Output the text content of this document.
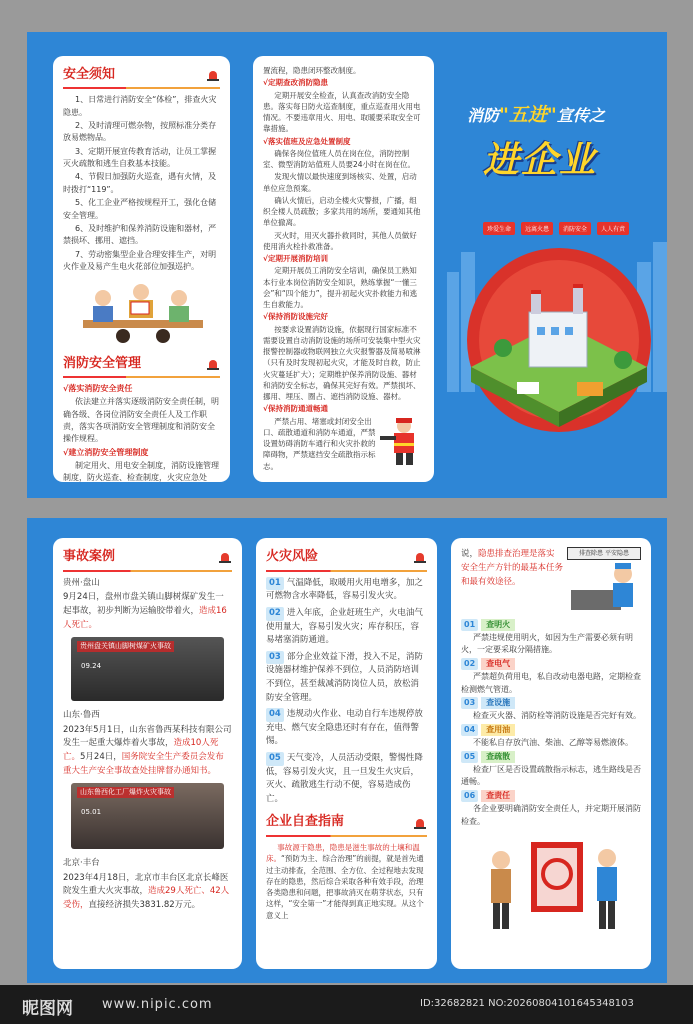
安全须知

1、日常进行消防安全“体检”，排查火灾隐患。

2、及时清理可燃杂物，按照标准分类存放易燃物品。

3、定期开展宣传教育活动，让员工掌握灭火疏散和逃生自救基本技能。

4、节假日加强防火巡查，遇有火情，及时拨打“119”。

5、化工企业严格按规程开工，强化仓储安全管理。

6、及时维护和保养消防设施和器材，严禁损坏、挪用、遮挡。

7、劳动密集型企业合理安排生产，对明火作业及易产生电火花部位加强巡护。

消防安全管理

√落实消防安全责任

依法建立并落实逐级消防安全责任制，明确各级、各岗位消防安全责任人及工作职责，落实各项消防安全管理制度和消防安全操作规程。

√建立消防安全管理制度

制定用火、用电安全制度，消防设施管理制度，防火巡查、检查制度，火灾应急处

置流程，隐患闭环整改制度。

√定期查改消防隐患

定期开展安全检查，认真查改消防安全隐患。落实每日防火巡查制度，重点巡查用火用电情况。不要违章用火、用电、取暖要采取安全可靠措施。

√落实值班及应急处置制度

确保各岗位值班人员在岗在位，消防控制室、微型消防站值班人员要24小时在岗在位。

发现火情以最快速度到场核实、处置，启动单位应急预案。

确认火情后，启动全楼火灾警报，广播，组织全楼人员疏散；多家共用的场所，要通知其他单位撤离。

灭火时，用灭火器扑救同时，其他人员做好使用消火栓扑救准备。

√定期开展消防培训

定期开展员工消防安全培训，确保员工熟知本行业本岗位消防安全知识，熟练掌握“一懂三会”和“四个能力”，提升初起火灾扑救能力和逃生自救能力。

√保持消防设施完好

按要求设置消防设施，依据现行国家标准不需要设置自动消防设施的场所可安装集中型火灾报警控制器或物联网独立火灾报警器及简易喷淋（只有及时发现初起火灾，才能及时自救，防止火灾蔓延扩大）；定期维护保养消防设施、器材和消防安全标志，确保其完好有效。严禁损坏、挪用、埋压、圈占、遮挡消防设施、器材。

√保持消防通道畅通

严禁占用、堵塞或封闭安全出口、疏散通道和消防车通道，严禁设置妨碍消防车通行和火灾扑救的障碍物，严禁遮挡安全疏散指示标志。

消防"五进"宣传之
进企业
珍爱生命	远离火患	消防安全	人人有责
事故案例

贵州·盘山

9月24日，盘州市盘关镇山脚树煤矿发生一起事故，初步判断为运输胶带着火，造成16人死亡。

贵州盘关镇山脚树煤矿火事故
09.24

山东·鲁西

2023年5月1日，山东省鲁西某科技有限公司发生一起重大爆炸着火事故，造成10人死亡。5月24日，国务院安全生产委员会发布重大生产安全事故查处挂牌督办通知书。

山东鲁西化工厂爆炸火灾事故
05.01

北京·丰台

2023年4月18日，北京市丰台区北京长峰医院发生重大火灾事故，造成29人死亡、42人受伤，直接经济损失3831.82万元。

火灾风险

01 气温降低，取暖用火用电增多，加之可燃物含水率降低，容易引发火灾。

02 进入年底，企业赶班生产，火电油气使用量大，容易引发火灾；库存积压，容易堵塞消防通道。

03 部分企业效益下滑，投入不足，消防设施器材维护保养不到位，人员消防培训不到位，甚至裁减消防岗位人员，放松消防安全管理。

04 违规动火作业、电动自行车违规停放充电、燃气安全隐患还时有存在，值得警惕。

05 天气变冷，人员活动受限，警惕性降低，容易引发火灾，且一旦发生火灾后，灭火、疏散逃生行动不便，容易造成伤亡。

企业自查指南

事故源于隐患，隐患是滋生事故的土壤和温床。“预防为主、综合治理”的前提，就是首先通过主动排查，全范围、全方位、全过程地去发现存在的隐患，然后综合采取各种有效手段，治理各类隐患和问题，把事故消灭在萌芽状态，只有这样，“安全第一”才能得到真正地实现。从这个意义上

说，隐患排查治理是落实安全生产方针的最基本任务和最有效途径。

排查除患 平安隐患

01 查明火

严禁违规使用明火，如因为生产需要必须有明火，一定要采取分隔措施。

02 查电气

严禁超负荷用电，私自改动电器电路，定期检查检测燃气管道。

03 查设施

检查灭火器、消防栓等消防设施是否完好有效。

04 查用油

不能私自存放汽油、柴油、乙醇等易燃液体。

05 查疏散

检查厂区是否设置疏散指示标志，逃生路线是否通畅。

06 查责任

各企业要明确消防安全责任人，并定期开展消防检查。

昵图网 www.nipic.com	ID:32682821 NO:20260804101645348103
